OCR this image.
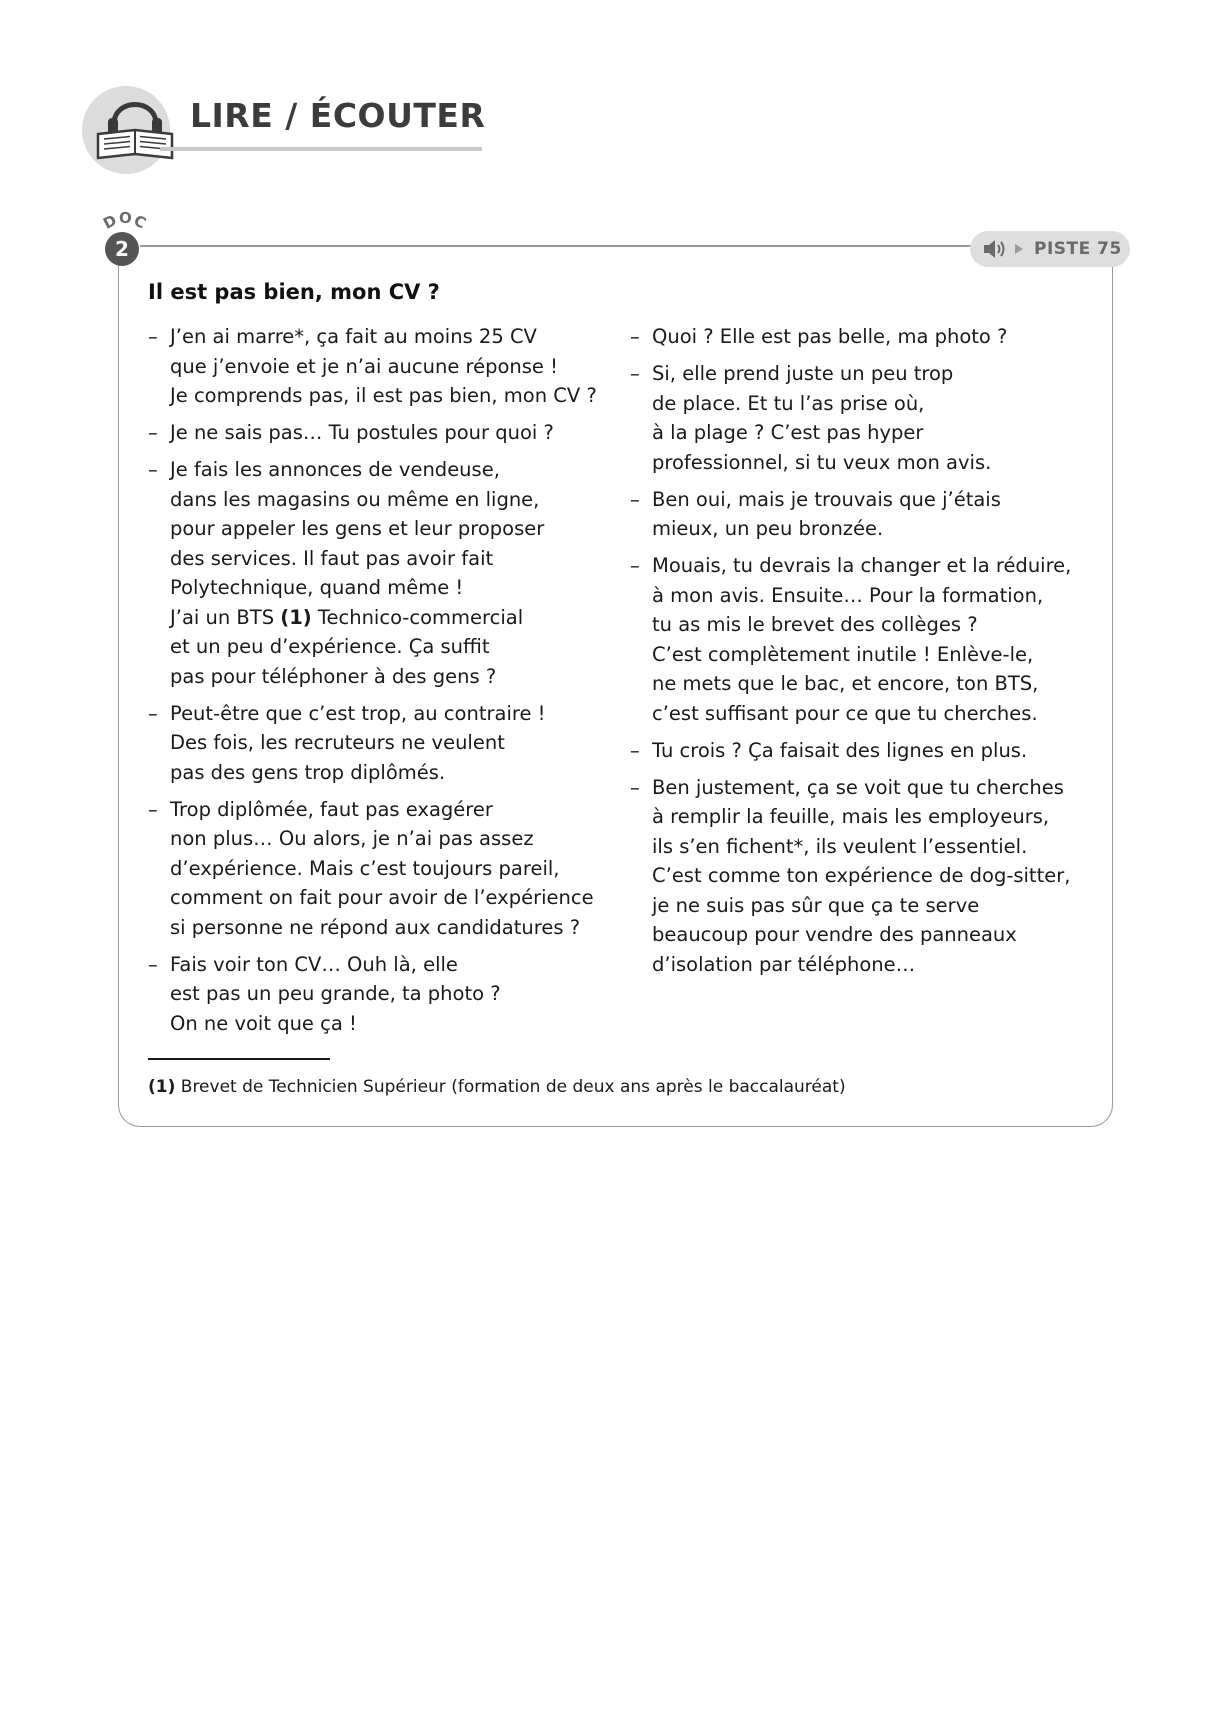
LIRE / ÉCOUTER
DOC
2	PISTE 75
Il est pas bien, mon CV ?
– J’en ai marre*, ça fait au moins 25 CV
que j’envoie et je n’ai aucune réponse !
Je comprends pas, il est pas bien, mon CV ?
– Je ne sais pas… Tu postules pour quoi ?
– Je fais les annonces de vendeuse,
dans les magasins ou même en ligne,
pour appeler les gens et leur proposer
des services. Il faut pas avoir fait
Polytechnique, quand même !
J’ai un BTS (1) Technico-commercial
et un peu d’expérience. Ça suffit
pas pour téléphoner à des gens ?
– Peut-être que c’est trop, au contraire !
Des fois, les recruteurs ne veulent
pas des gens trop diplômés.
– Trop diplômée, faut pas exagérer
non plus… Ou alors, je n’ai pas assez
d’expérience. Mais c’est toujours pareil,
comment on fait pour avoir de l’expérience
si personne ne répond aux candidatures ?
– Fais voir ton CV… Ouh là, elle
est pas un peu grande, ta photo ?
On ne voit que ça !
– Quoi ? Elle est pas belle, ma photo ?
– Si, elle prend juste un peu trop
de place. Et tu l’as prise où,
à la plage ? C’est pas hyper
professionnel, si tu veux mon avis.
– Ben oui, mais je trouvais que j’étais
mieux, un peu bronzée.
– Mouais, tu devrais la changer et la réduire,
à mon avis. Ensuite… Pour la formation,
tu as mis le brevet des collèges ?
C’est complètement inutile ! Enlève-le,
ne mets que le bac, et encore, ton BTS,
c’est suffisant pour ce que tu cherches.
– Tu crois ? Ça faisait des lignes en plus.
– Ben justement, ça se voit que tu cherches
à remplir la feuille, mais les employeurs,
ils s’en fichent*, ils veulent l’essentiel.
C’est comme ton expérience de dog-sitter,
je ne suis pas sûr que ça te serve
beaucoup pour vendre des panneaux
d’isolation par téléphone…
(1) Brevet de Technicien Supérieur (formation de deux ans après le baccalauréat)
